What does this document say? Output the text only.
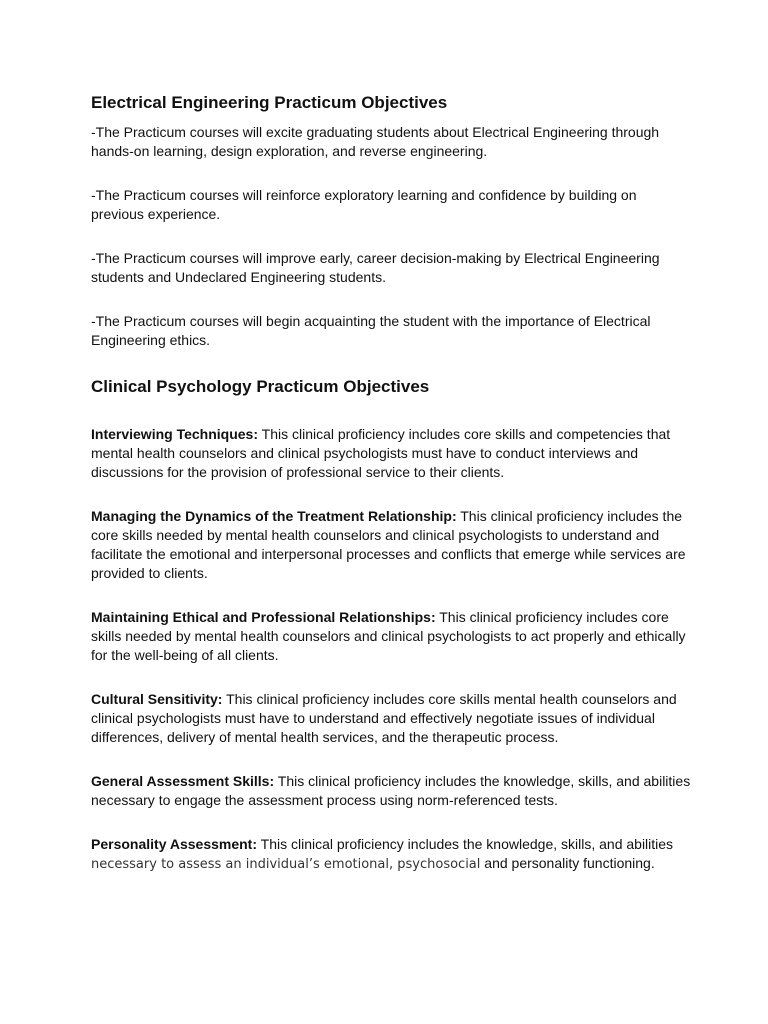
Electrical Engineering Practicum Objectives

-The Practicum courses will excite graduating students about Electrical Engineering through hands-on learning, design exploration, and reverse engineering.

-The Practicum courses will reinforce exploratory learning and confidence by building on previous experience.

-The Practicum courses will improve early, career decision-making by Electrical Engineering students and Undeclared Engineering students.

-The Practicum courses will begin acquainting the student with the importance of Electrical Engineering ethics.

Clinical Psychology Practicum Objectives

Interviewing Techniques: This clinical proficiency includes core skills and competencies that mental health counselors and clinical psychologists must have to conduct interviews and discussions for the provision of professional service to their clients.

Managing the Dynamics of the Treatment Relationship: This clinical proficiency includes the core skills needed by mental health counselors and clinical psychologists to understand and facilitate the emotional and interpersonal processes and conflicts that emerge while services are provided to clients.

Maintaining Ethical and Professional Relationships: This clinical proficiency includes core skills needed by mental health counselors and clinical psychologists to act properly and ethically for the well-being of all clients.

Cultural Sensitivity: This clinical proficiency includes core skills mental health counselors and clinical psychologists must have to understand and effectively negotiate issues of individual differences, delivery of mental health services, and the therapeutic process.

General Assessment Skills: This clinical proficiency includes the knowledge, skills, and abilities necessary to engage the assessment process using norm-referenced tests.

Personality Assessment: This clinical proficiency includes the knowledge, skills, and abilities necessary to assess an individual’s emotional, psychosocial and personality functioning.
